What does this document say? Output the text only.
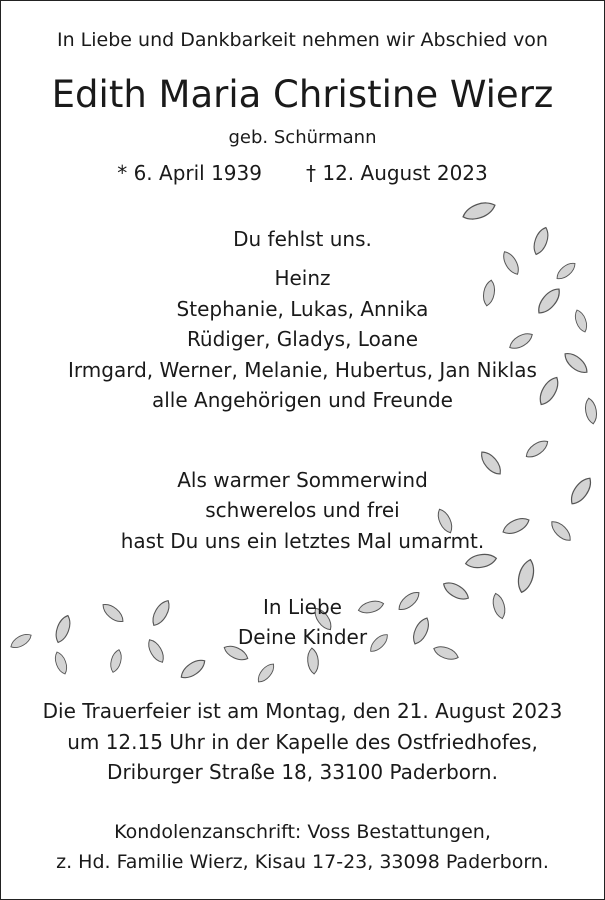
In Liebe und Dankbarkeit nehmen wir Abschied von
Edith Maria Christine Wierz
geb. Schürmann
* 6. April 1939 † 12. August 2023
Du fehlst uns.
Heinz
Stephanie, Lukas, Annika
Rüdiger, Gladys, Loane
Irmgard, Werner, Melanie, Hubertus, Jan Niklas
alle Angehörigen und Freunde
Als warmer Sommerwind
schwerelos und frei
hast Du uns ein letztes Mal umarmt.
In Liebe
Deine Kinder
Die Trauerfeier ist am Montag, den 21. August 2023
um 12.15 Uhr in der Kapelle des Ostfriedhofes,
Driburger Straße 18, 33100 Paderborn.
Kondolenzanschrift: Voss Bestattungen,
z. Hd. Familie Wierz, Kisau 17-23, 33098 Paderborn.
